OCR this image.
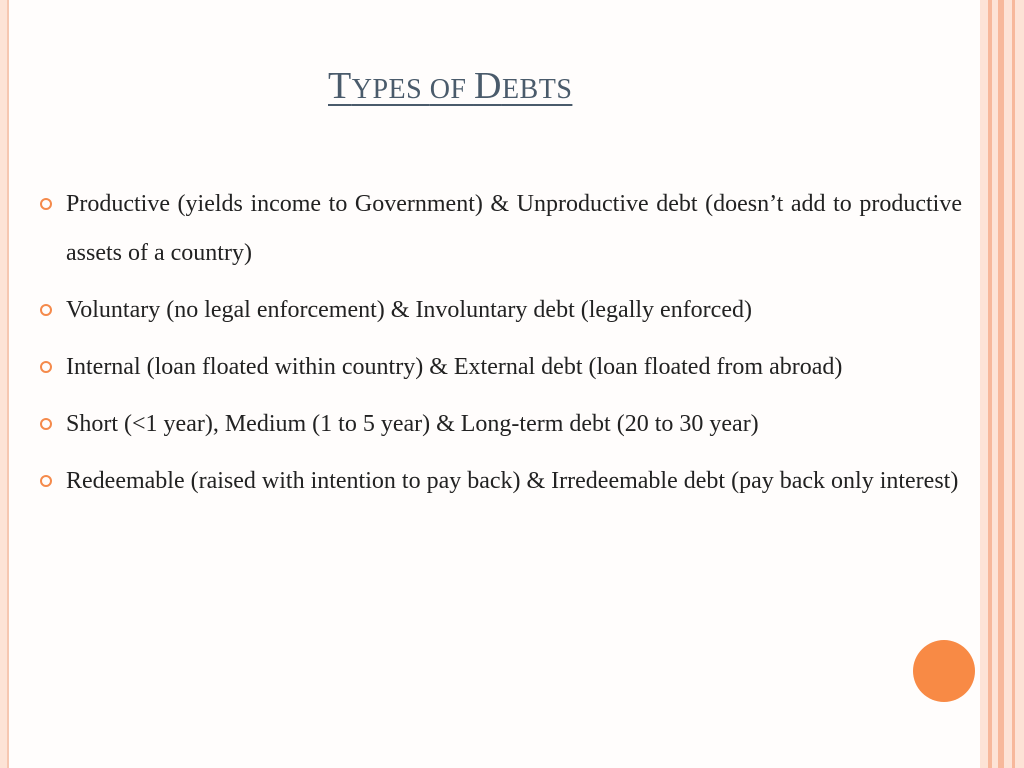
TYPES OF DEBTS
Productive (yields income to Government) & Unproductive debt (doesn’t add to productive assets of a country)
Voluntary (no legal enforcement) & Involuntary debt (legally enforced)
Internal (loan floated within country) & External debt (loan floated from abroad)
Short (<1 year), Medium (1 to 5 year) & Long-term debt (20 to 30 year)
Redeemable (raised with intention to pay back) & Irredeemable debt (pay back only interest)
